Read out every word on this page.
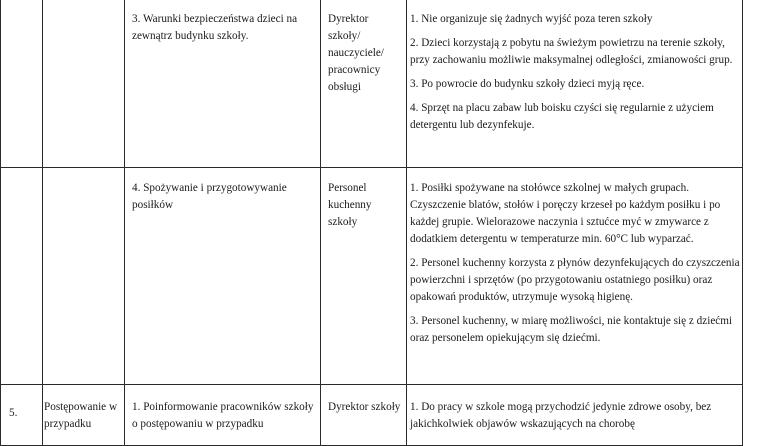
		3. Warunki bezpieczeństwa dzieci na zewnątrz budynku szkoły.	Dyrektor szkoły/ nauczyciele/ pracownicy obsługi	1. Nie organizuje się żadnych wyjść poza teren szkoły

2. Dzieci korzystają z pobytu na świeżym powietrzu na terenie szkoły, przy zachowaniu możliwie maksymalnej odległości, zmianowości grup.

3. Po powrocie do budynku szkoły dzieci myją ręce.

4. Sprzęt na placu zabaw lub boisku czyści się regularnie z użyciem detergentu lub dezynfekuje.

		4. Spożywanie i przygotowywanie posiłków	Personel kuchenny szkoły	1. Posiłki spożywane na stołówce szkolnej w małych grupach. Czyszczenie blatów, stołów i poręczy krzeseł po każdym posiłku i po każdej grupie. Wielorazowe naczynia i sztućce myć w zmywarce z dodatkiem detergentu w temperaturze min. 60°C lub wyparzać.

2. Personel kuchenny korzysta z płynów dezynfekujących do czyszczenia powierzchni i sprzętów (po przygotowaniu ostatniego posiłku) oraz opakowań produktów, utrzymuje wysoką higienę.

3. Personel kuchenny, w miarę możliwości, nie kontaktuje się z dziećmi oraz personelem opiekującym się dziećmi.

5.	Postępowanie w przypadku	1. Poinformowanie pracowników szkoły o postępowaniu w przypadku	Dyrektor szkoły	1. Do pracy w szkole mogą przychodzić jedynie zdrowe osoby, bez jakichkolwiek objawów wskazujących na chorobę
